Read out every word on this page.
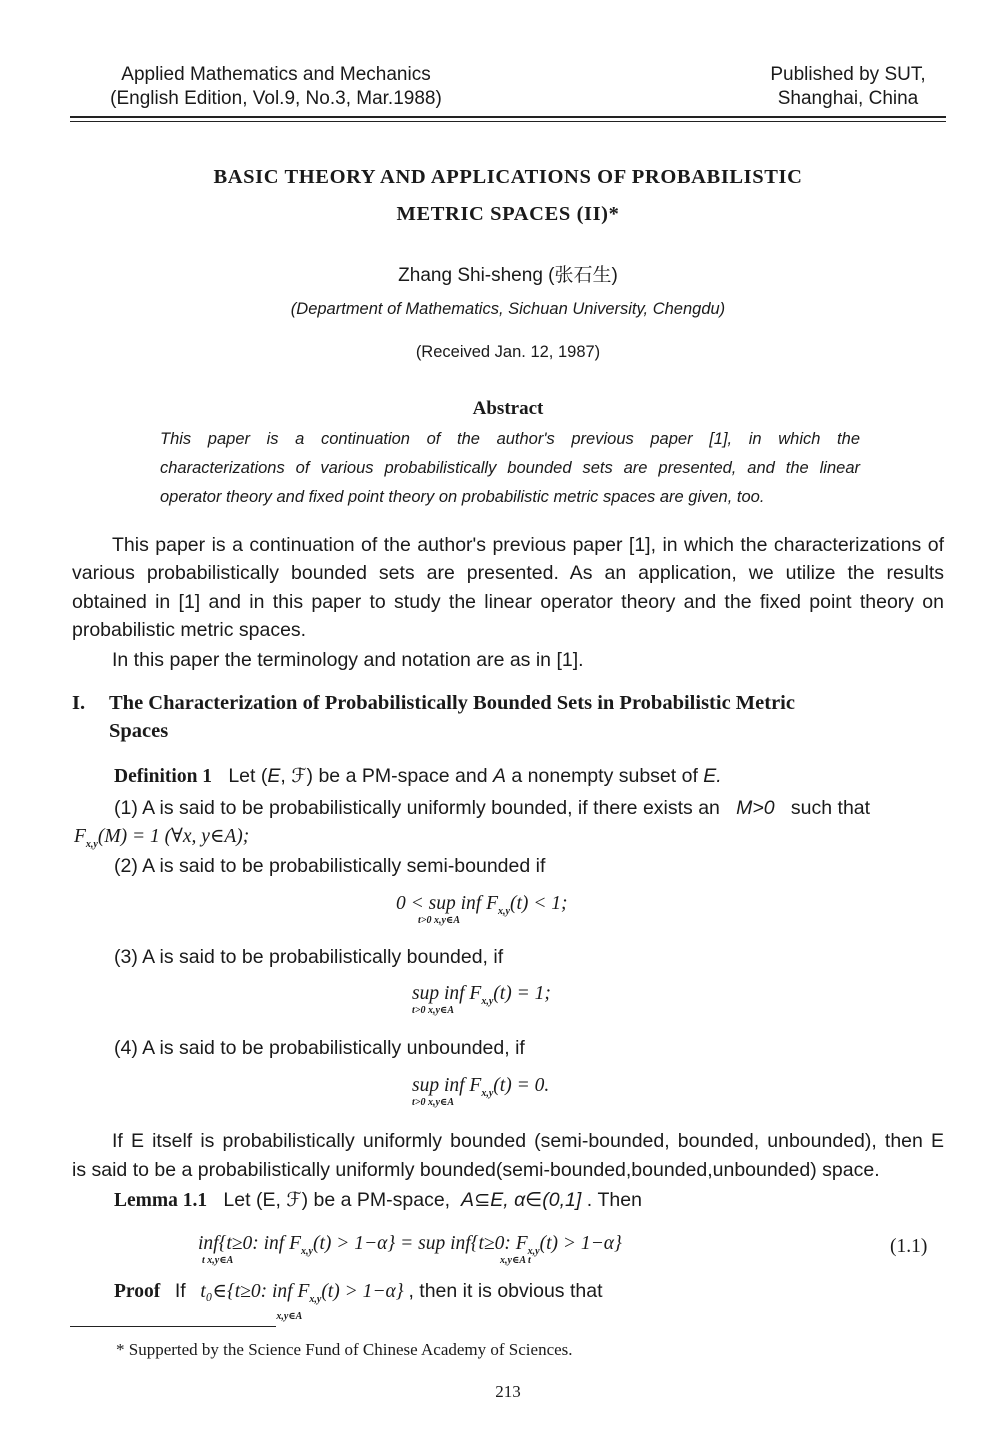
Applied Mathematics and Mechanics
(English Edition, Vol.9, No.3, Mar.1988)
Published by SUT,
Shanghai, China
BASIC THEORY AND APPLICATIONS OF PROBABILISTIC
METRIC SPACES (II)*
Zhang Shi-sheng (张石生)
(Department of Mathematics, Sichuan University, Chengdu)
(Received Jan. 12, 1987)
Abstract
This paper is a continuation of the author's previous paper [1], in which the
characterizations of various probabilistically bounded sets are presented, and the linear
operator theory and fixed point theory on probabilistic metric spaces are given, too.
This paper is a continuation of the author's previous paper [1], in which the characterizations of
various probabilistically bounded sets are presented. As an application, we utilize the results
obtained in [1] and in this paper to study the linear operator theory and the fixed point theory on
probabilistic metric spaces.
In this paper the terminology and notation are as in [1].
I. The Characterization of Probabilistically Bounded Sets in Probabilistic Metric
Spaces
Definition 1 Let (E, ℱ) be a PM-space and A a nonempty subset of E.
(1) A is said to be probabilistically uniformly bounded, if there exists an M>0 such that
$F_{x,y}(M) = 1$ (∀x, y∈A);
(2) A is said to be probabilistically semi-bounded if
0 < sup inf $F_{x,y}(t) < 1$;
t>0 x,y∈A
(3) A is said to be probabilistically bounded, if
sup inf $F_{x,y}(t) = 1$;
t>0 x,y∈A
(4) A is said to be probabilistically unbounded, if
sup inf $F_{x,y}(t) = 0$.
t>0 x,y∈A
If E itself is probabilistically uniformly bounded (semi-bounded, bounded, unbounded), then E
is said to be a probabilistically uniformly bounded(semi-bounded,bounded,unbounded) space.
Lemma 1.1 Let (E, ℱ) be a PM-space, A⊆E, α∈(0,1] . Then
inf{t≥0: inf $F_{x,y}(t) > 1-\alpha$} = sup inf{t≥0: $F_{x,y}(t) > 1-\alpha$}
t x,y∈A	x,y∈A t
(1.1)
Proof If t₀∈{t≥0: inf $F_{x,y}(t) > 1-\alpha$}
x,y∈A
, then it is obvious that
* Supperted by the Science Fund of Chinese Academy of Sciences.
213
